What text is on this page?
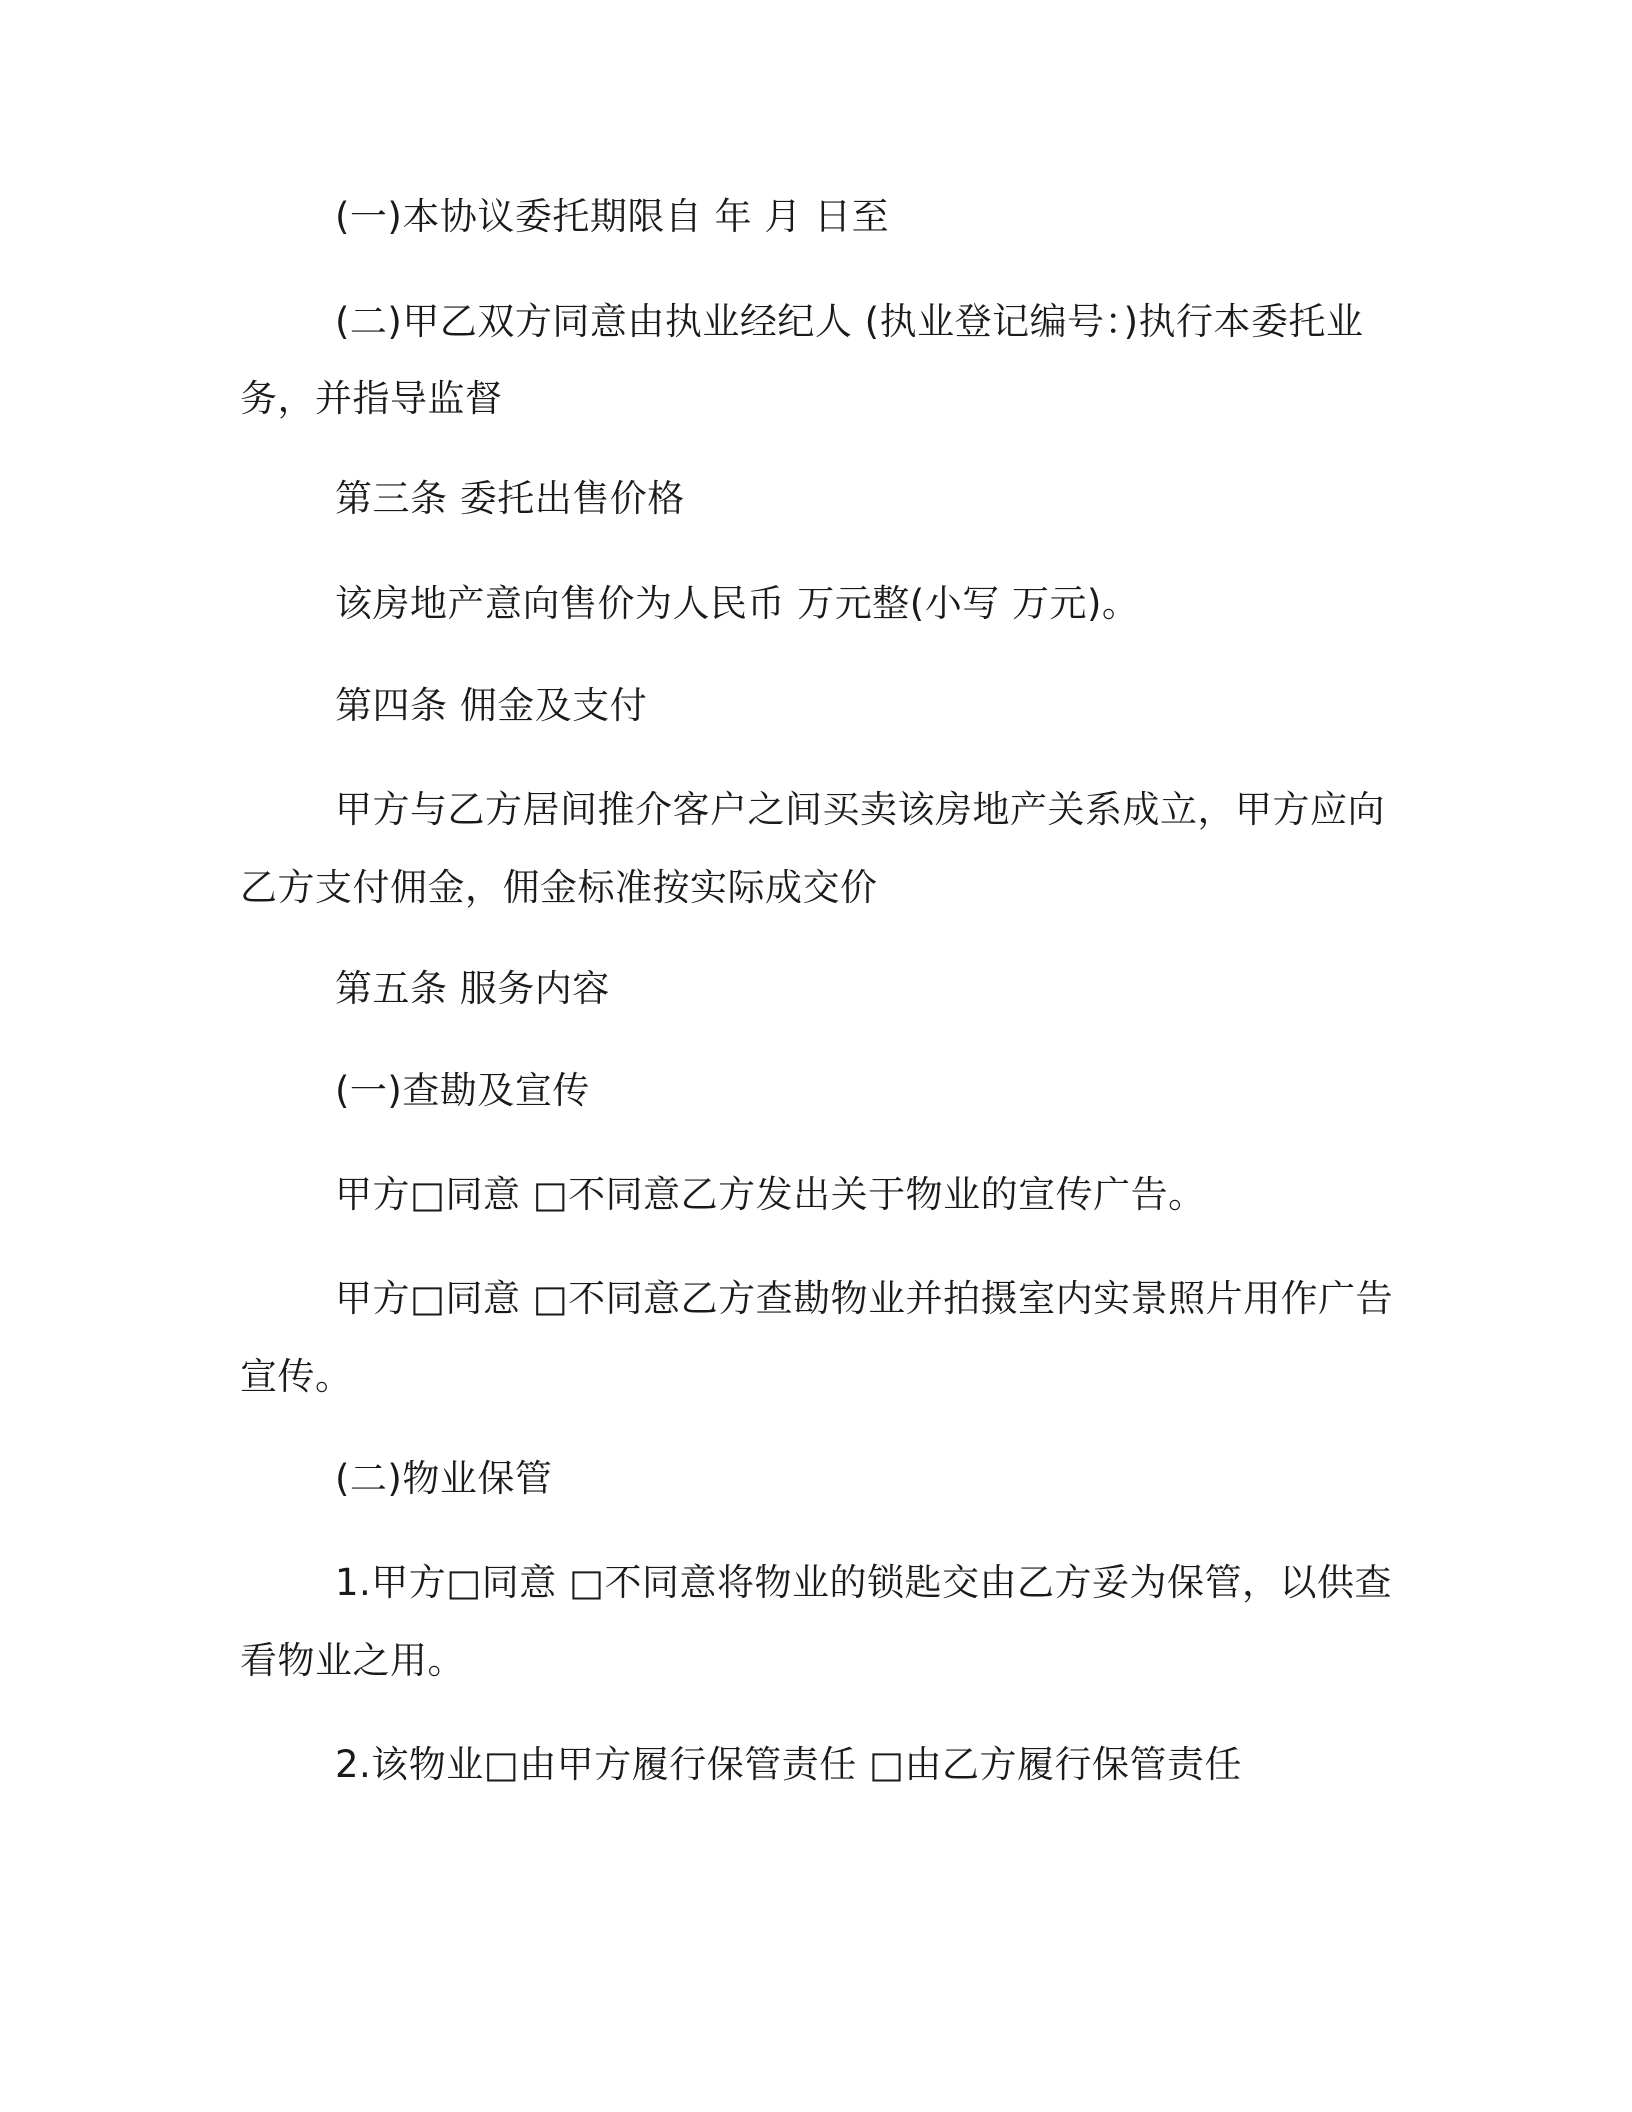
(一)本协议委托期限自 年 月 日至
(二)甲乙双方同意由执业经纪人 (执业登记编号：)执行本委托业
务，并指导监督
第三条 委托出售价格
该房地产意向售价为人民币 万元整(小写 万元)。
第四条 佣金及支付
甲方与乙方居间推介客户之间买卖该房地产关系成立，甲方应向
乙方支付佣金，佣金标准按实际成交价
第五条 服务内容
(一)查勘及宣传
甲方□同意 □不同意乙方发出关于物业的宣传广告。
甲方□同意 □不同意乙方查勘物业并拍摄室内实景照片用作广告
宣传。
(二)物业保管
1.甲方□同意 □不同意将物业的锁匙交由乙方妥为保管，以供查
看物业之用。
2.该物业□由甲方履行保管责任 □由乙方履行保管责任
